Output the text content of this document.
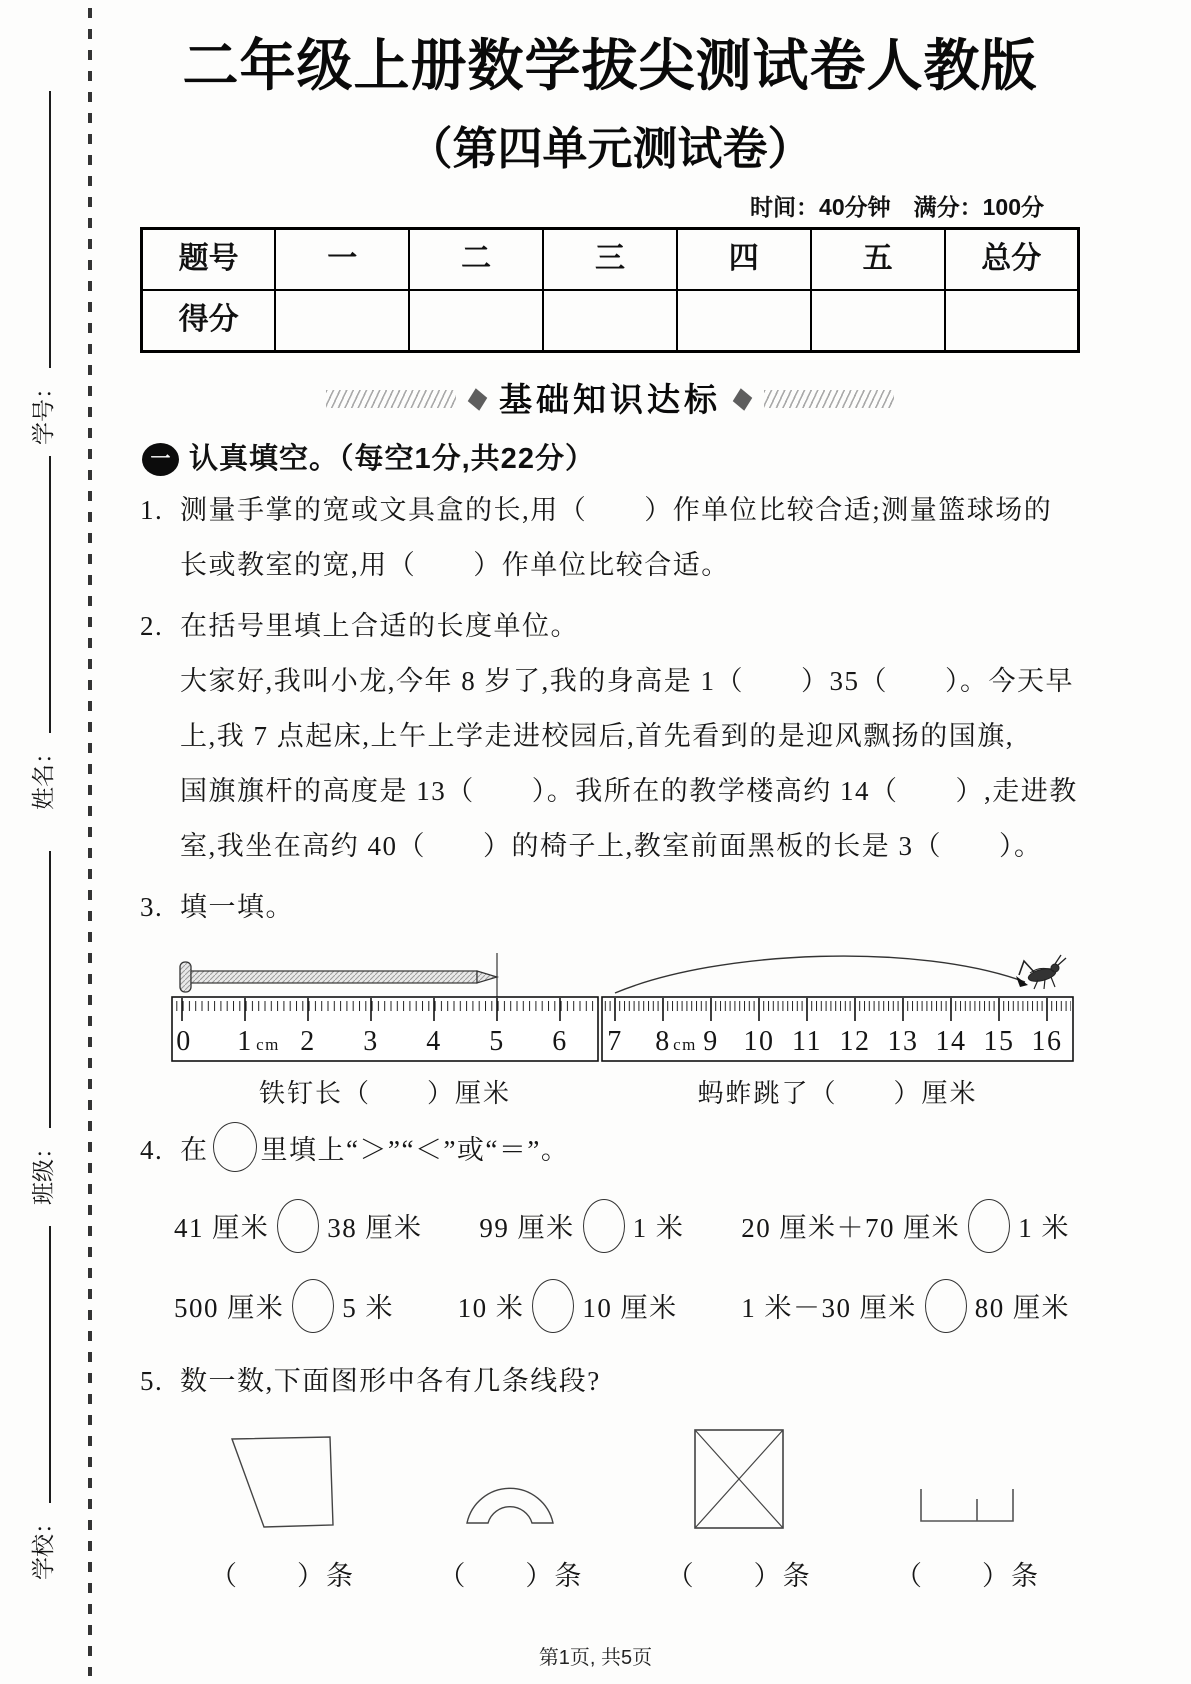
学号：
姓名：
班级：
学校：
二年级上册数学拔尖测试卷人教版
（第四单元测试卷）
时间：40分钟　满分：100分
题号	一	二	三	四	五	总分
得分						
基础知识达标
一 认真填空。（每空1分,共22分）
1. 测量手掌的宽或文具盒的长,用（　　）作单位比较合适;测量篮球场的
长或教室的宽,用（　　）作单位比较合适。
2. 在括号里填上合适的长度单位。
大家好,我叫小龙,今年 8 岁了,我的身高是 1（　　）35（　　）。今天早
上,我 7 点起床,上午上学走进校园后,首先看到的是迎风飘扬的国旗,
国旗旗杆的高度是 13（　　）。我所在的教学楼高约 14（　　）,走进教
室,我坐在高约 40（　　）的椅子上,教室前面黑板的长是 3（　　）。
3. 填一填。
0 1 cm 2 3 4 5 6
铁钉长（　　）厘米
7 8 cm 9 10 11 12 13 14 15 16
蚂蚱跳了（　　）厘米
4. 在 里填上“＞”“＜”或“＝”。
41 厘米 38 厘米 99 厘米 1 米 20 厘米＋70 厘米 1 米
500 厘米 5 米 10 米 10 厘米 1 米－30 厘米 80 厘米
5. 数一数,下面图形中各有几条线段?
（　　）条	（　　）条	（　　）条	（　　）条
第1页, 共5页
